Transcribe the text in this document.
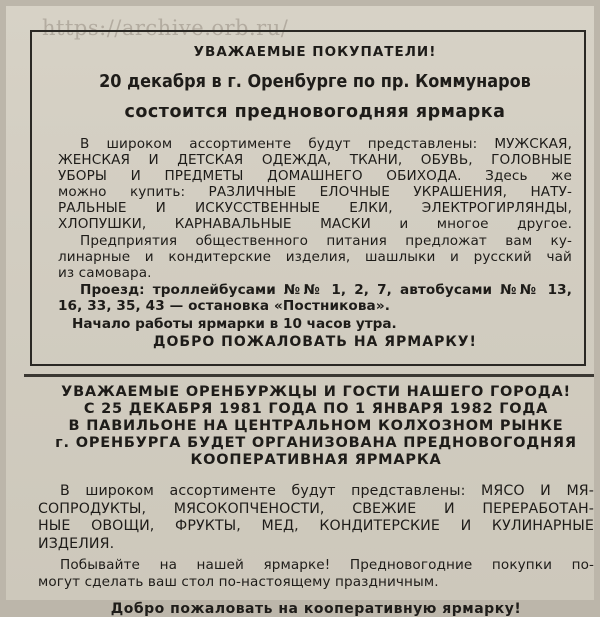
https://archive.orb.ru/
УВАЖАЕМЫЕ ПОКУПАТЕЛИ!
20 декабря в г. Оренбурге по пр. Коммунаров
состоится предновогодняя ярмарка
В широком ассортименте будут представлены: МУЖСКАЯ,
ЖЕНСКАЯ И ДЕТСКАЯ ОДЕЖДА, ТКАНИ, ОБУВЬ, ГОЛОВНЫЕ
УБОРЫ И ПРЕДМЕТЫ ДОМАШНЕГО ОБИХОДА. Здесь же
можно купить: РАЗЛИЧНЫЕ ЕЛОЧНЫЕ УКРАШЕНИЯ, НАТУ-
РАЛЬНЫЕ И ИСКУССТВЕННЫЕ ЕЛКИ, ЭЛЕКТРОГИРЛЯНДЫ,
ХЛОПУШКИ, КАРНАВАЛЬНЫЕ МАСКИ и многое другое.
Предприятия общественного питания предложат вам ку-
линарные и кондитерские изделия, шашлыки и русский чай
из самовара.
Проезд: троллейбусами №№ 1, 2, 7, автобусами №№ 13,
16, 33, 35, 43 — остановка «Постникова».
Начало работы ярмарки в 10 часов утра.
ДОБРО ПОЖАЛОВАТЬ НА ЯРМАРКУ!
УВАЖАЕМЫЕ ОРЕНБУРЖЦЫ И ГОСТИ НАШЕГО ГОРОДА!
С 25 ДЕКАБРЯ 1981 ГОДА ПО 1 ЯНВАРЯ 1982 ГОДА
В ПАВИЛЬОНЕ НА ЦЕНТРАЛЬНОМ КОЛХОЗНОМ РЫНКЕ
г. ОРЕНБУРГА БУДЕТ ОРГАНИЗОВАНА ПРЕДНОВОГОДНЯЯ
КООПЕРАТИВНАЯ ЯРМАРКА
В широком ассортименте будут представлены: МЯСО И МЯ-
СОПРОДУКТЫ, МЯСОКОПЧЕНОСТИ, СВЕЖИЕ И ПЕРЕРАБОТАН-
НЫЕ ОВОЩИ, ФРУКТЫ, МЕД, КОНДИТЕРСКИЕ И КУЛИНАРНЫЕ
ИЗДЕЛИЯ.
Побывайте на нашей ярмарке! Предновогодние покупки по-
могут сделать ваш стол по-настоящему праздничным.
Добро пожаловать на кооперативную ярмарку!
